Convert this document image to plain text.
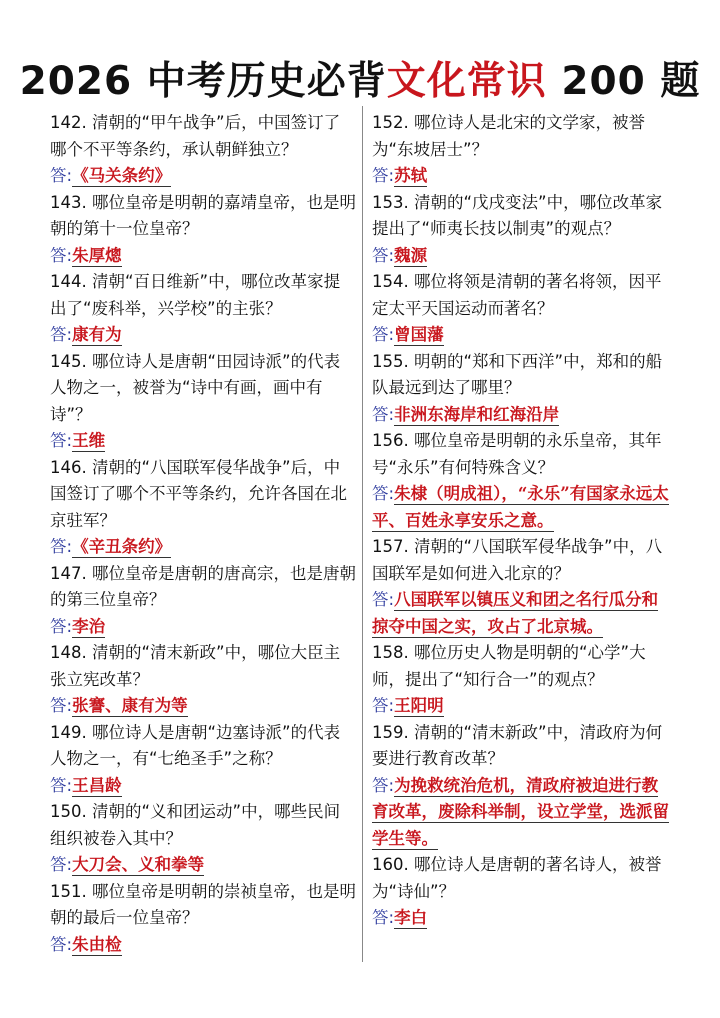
2026 中考历史必背文化常识 200 题
142. 清朝的“甲午战争”后，中国签订了哪个不平等条约，承认朝鲜独立？
答:《马关条约》
143. 哪位皇帝是明朝的嘉靖皇帝，也是明朝的第十一位皇帝？
答:朱厚熜
144. 清朝“百日维新”中，哪位改革家提出了“废科举，兴学校”的主张？
答:康有为
145. 哪位诗人是唐朝“田园诗派”的代表人物之一，被誉为“诗中有画，画中有诗”？
答:王维
146. 清朝的“八国联军侵华战争”后，中国签订了哪个不平等条约，允许各国在北京驻军？
答:《辛丑条约》
147. 哪位皇帝是唐朝的唐高宗，也是唐朝的第三位皇帝？
答:李治
148. 清朝的“清末新政”中，哪位大臣主张立宪改革？
答:张謇、康有为等
149. 哪位诗人是唐朝“边塞诗派”的代表人物之一，有“七绝圣手”之称？
答:王昌龄
150. 清朝的“义和团运动”中，哪些民间组织被卷入其中？
答:大刀会、义和拳等
151. 哪位皇帝是明朝的崇祯皇帝，也是明朝的最后一位皇帝？
答:朱由检
152. 哪位诗人是北宋的文学家，被誉为“东坡居士”？
答:苏轼
153. 清朝的“戊戌变法”中，哪位改革家提出了“师夷长技以制夷”的观点？
答:魏源
154. 哪位将领是清朝的著名将领，因平定太平天国运动而著名？
答:曾国藩
155. 明朝的“郑和下西洋”中，郑和的船队最远到达了哪里？
答:非洲东海岸和红海沿岸
156. 哪位皇帝是明朝的永乐皇帝，其年号“永乐”有何特殊含义？
答:朱棣（明成祖），“永乐”有国家永远太平、百姓永享安乐之意。
157. 清朝的“八国联军侵华战争”中，八国联军是如何进入北京的？
答:八国联军以镇压义和团之名行瓜分和掠夺中国之实，攻占了北京城。
158. 哪位历史人物是明朝的“心学”大师，提出了“知行合一”的观点？
答:王阳明
159. 清朝的“清末新政”中，清政府为何要进行教育改革？
答:为挽救统治危机，清政府被迫进行教育改革，废除科举制，设立学堂，选派留学生等。
160. 哪位诗人是唐朝的著名诗人，被誉为“诗仙”？
答:李白
